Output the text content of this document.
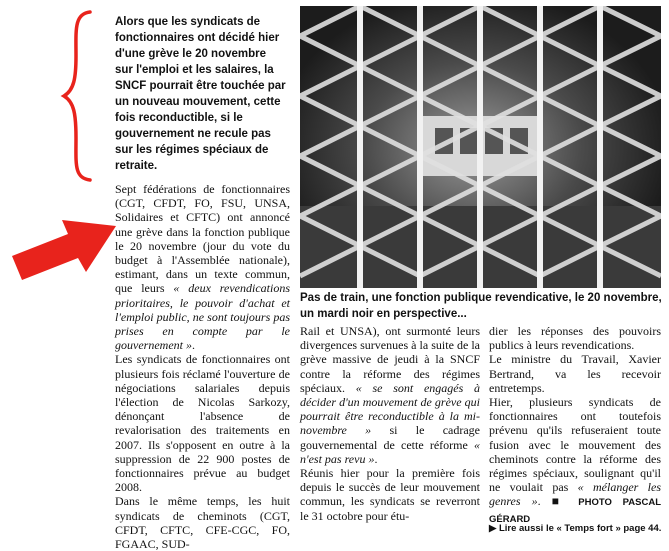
Alors que les syndicats de fonctionnaires ont décidé hier d'une grève le 20 novembre sur l'emploi et les salaires, la SNCF pourrait être touchée par un nouveau mouvement, cette fois reconductible, si le gouvernement ne recule pas sur les régimes spéciaux de retraite.

Sept fédérations de fonctionnaires (CGT, CFDT, FO, FSU, UNSA, Solidaires et CFTC) ont annoncé une grève dans la fonction publique le 20 novembre (jour du vote du budget à l'Assemblée nationale), estimant, dans un texte commun, que leurs « deux revendications prioritaires, le pouvoir d'achat et l'emploi public, ne sont toujours pas prises en compte par le gouvernement ».

Les syndicats de fonctionnaires ont plusieurs fois réclamé l'ouverture de négociations salariales depuis l'élection de Nicolas Sarkozy, dénonçant l'absence de revalorisation des traitements en 2007. Ils s'opposent en outre à la suppression de 22 900 postes de fonctionnaires prévue au budget 2008.

Dans le même temps, les huit syndicats de cheminots (CGT, CFDT, CFTC, CFE-CGC, FO, FGAAC, SUD-

Pas de train, une fonction publique revendicative, le 20 novembre, un mardi noir en perspective...

Rail et UNSA), ont surmonté leurs divergences survenues à la suite de la grève massive de jeudi à la SNCF contre la réforme des régimes spéciaux. « se sont engagés à décider d'un mouvement de grève qui pourrait être reconductible à la mi-novembre » si le cadrage gouvernemental de cette réforme « n'est pas revu ».

Réunis hier pour la première fois depuis le succès de leur mouvement commun, les syndicats se reverront le 31 octobre pour étu-

dier les réponses des pouvoirs publics à leurs revendications.

Le ministre du Travail, Xavier Bertrand, va les recevoir entretemps.

Hier, plusieurs syndicats de fonctionnaires ont toutefois prévenu qu'ils refuseraient toute fusion avec le mouvement des cheminots contre la réforme des régimes spéciaux, soulignant qu'il ne voulait pas « mélanger les genres ». ■ PHOTO PASCAL GÉRARD

▶ Lire aussi le « Temps fort » page 44.
